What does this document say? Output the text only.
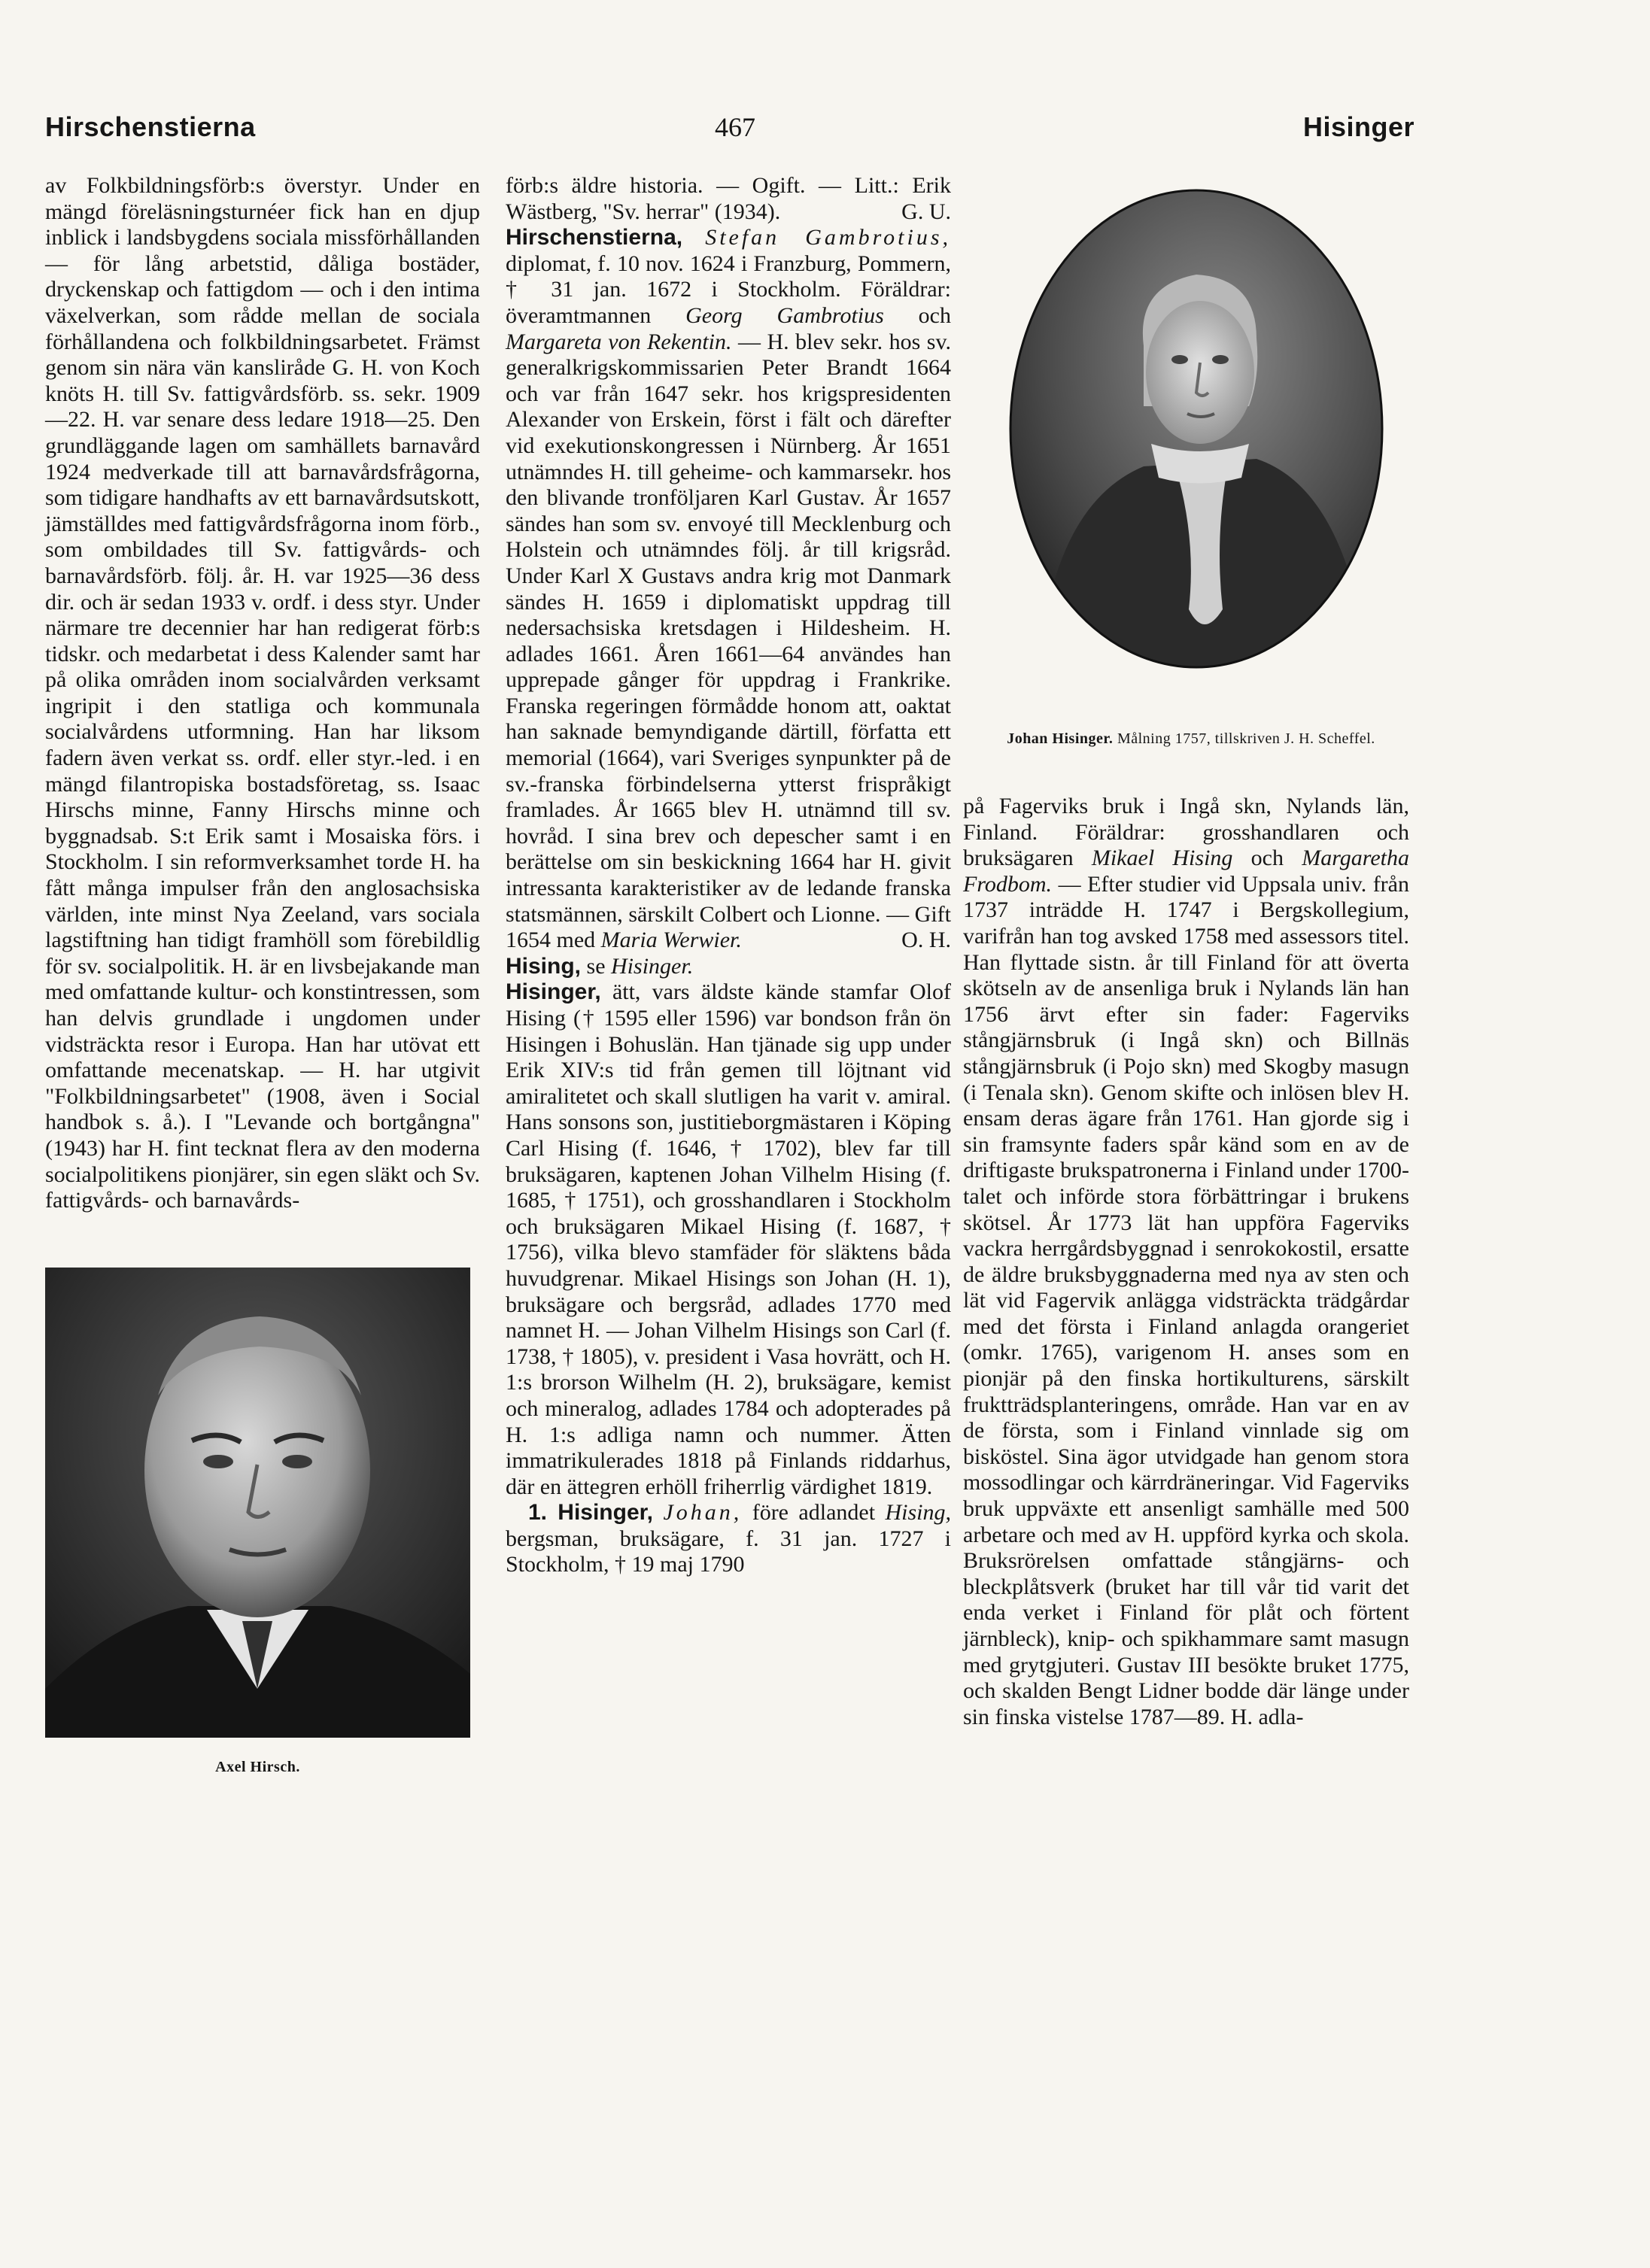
Hirschenstierna	467	Hisinger

av Folkbildningsförb:s överstyr. Under en mängd föreläsningsturnéer fick han en djup inblick i landsbygdens sociala missförhållanden — för lång arbetstid, dåliga bostäder, dryckenskap och fattigdom — och i den intima växelverkan, som rådde mellan de sociala förhållandena och folkbildningsarbetet. Främst genom sin nära vän kansliråde G. H. von Koch knöts H. till Sv. fattigvårdsförb. ss. sekr. 1909 —22. H. var senare dess ledare 1918—25. Den grundläggande lagen om samhällets barnavård 1924 medverkade till att barnavårdsfrågorna, som tidigare handhafts av ett barnavårdsutskott, jämställdes med fattigvårdsfrågorna inom förb., som ombildades till Sv. fattigvårds- och barnavårdsförb. följ. år. H. var 1925—36 dess dir. och är sedan 1933 v. ordf. i dess styr. Under närmare tre decennier har han redigerat förb:s tidskr. och medarbetat i dess Kalender samt har på olika områden inom socialvården verksamt ingripit i den statliga och kommunala socialvårdens utformning. Han har liksom fadern även verkat ss. ordf. eller styr.-led. i en mängd filantropiska bostadsföretag, ss. Isaac Hirschs minne, Fanny Hirschs minne och byggnadsab. S:t Erik samt i Mosaiska förs. i Stockholm. I sin reformverksamhet torde H. ha fått många impulser från den anglosachsiska världen, inte minst Nya Zeeland, vars sociala lagstiftning han tidigt framhöll som förebildlig för sv. socialpolitik. H. är en livsbejakande man med omfattande kultur- och konstintressen, som han delvis grundlade i ungdomen under vidsträckta resor i Europa. Han har utövat ett omfattande mecenatskap. — H. har utgivit "Folkbildningsarbetet" (1908, även i Social handbok s. å.). I "Levande och bortgångna" (1943) har H. fint tecknat flera av den moderna socialpolitikens pionjärer, sin egen släkt och Sv. fattigvårds- och barnavårds-

Axel Hirsch.

förb:s äldre historia. — Ogift. — Litt.: Erik Wästberg, "Sv. herrar" (1934).	G. U.

Hirschenstierna, Stefan Gambrotius, diplomat, f. 10 nov. 1624 i Franzburg, Pommern, † 31 jan. 1672 i Stockholm. Föräldrar: överamtmannen Georg Gambrotius och Margareta von Rekentin. — H. blev sekr. hos sv. generalkrigskommissarien Peter Brandt 1664 och var från 1647 sekr. hos krigspresidenten Alexander von Erskein, först i fält och därefter vid exekutionskongressen i Nürnberg. År 1651 utnämndes H. till geheime- och kammarsekr. hos den blivande tronföljaren Karl Gustav. År 1657 sändes han som sv. envoyé till Mecklenburg och Holstein och utnämndes följ. år till krigsråd. Under Karl X Gustavs andra krig mot Danmark sändes H. 1659 i diplomatiskt uppdrag till nedersachsiska kretsdagen i Hildesheim. H. adlades 1661. Åren 1661—64 användes han upprepade gånger för uppdrag i Frankrike. Franska regeringen förmådde honom att, oaktat han saknade bemyndigande därtill, författa ett memorial (1664), vari Sveriges synpunkter på de sv.-franska förbindelserna ytterst frispråkigt framlades. År 1665 blev H. utnämnd till sv. hovråd. I sina brev och depescher samt i en berättelse om sin beskickning 1664 har H. givit intressanta karakteristiker av de ledande franska statsmännen, särskilt Colbert och Lionne. — Gift 1654 med Maria Werwier.	O. H.

Hising, se Hisinger.

Hisinger, ätt, vars äldste kände stamfar Olof Hising († 1595 eller 1596) var bondson från ön Hisingen i Bohuslän. Han tjänade sig upp under Erik XIV:s tid från gemen till löjtnant vid amiralitetet och skall slutligen ha varit v. amiral. Hans sonsons son, justitieborgmästaren i Köping Carl Hising (f. 1646, † 1702), blev far till bruksägaren, kaptenen Johan Vilhelm Hising (f. 1685, † 1751), och grosshandlaren i Stockholm och bruksägaren Mikael Hising (f. 1687, † 1756), vilka blevo stamfäder för släktens båda huvudgrenar. Mikael Hisings son Johan (H. 1), bruksägare och bergsråd, adlades 1770 med namnet H. — Johan Vilhelm Hisings son Carl (f. 1738, † 1805), v. president i Vasa hovrätt, och H. 1:s brorson Wilhelm (H. 2), bruksägare, kemist och mineralog, adlades 1784 och adopterades på H. 1:s adliga namn och nummer. Ätten immatrikulerades 1818 på Finlands riddarhus, där en ättegren erhöll friherrlig värdighet 1819.

 1. Hisinger, Johan, före adlandet Hising, bergsman, bruksägare, f. 31 jan. 1727 i Stockholm, † 19 maj 1790

Johan Hisinger. Målning 1757, tillskriven J. H. Scheffel.

på Fagerviks bruk i Ingå skn, Nylands län, Finland. Föräldrar: grosshandlaren och bruksägaren Mikael Hising och Margaretha Frodbom. — Efter studier vid Uppsala univ. från 1737 inträdde H. 1747 i Bergskollegium, varifrån han tog avsked 1758 med assessors titel. Han flyttade sistn. år till Finland för att överta skötseln av de ansenliga bruk i Nylands län han 1756 ärvt efter sin fader: Fagerviks stångjärnsbruk (i Ingå skn) och Billnäs stångjärnsbruk (i Pojo skn) med Skogby masugn (i Tenala skn). Genom skifte och inlösen blev H. ensam deras ägare från 1761. Han gjorde sig i sin framsynte faders spår känd som en av de driftigaste brukspatronerna i Finland under 1700-talet och införde stora förbättringar i brukens skötsel. År 1773 lät han uppföra Fagerviks vackra herrgårdsbyggnad i senrokokostil, ersatte de äldre bruksbyggnaderna med nya av sten och lät vid Fagervik anlägga vidsträckta trädgårdar med det första i Finland anlagda orangeriet (omkr. 1765), varigenom H. anses som en pionjär på den finska hortikulturens, särskilt fruktträdsplanteringens, område. Han var en av de första, som i Finland vinnlade sig om bisköstel. Sina ägor utvidgade han genom stora mossodlingar och kärrdräneringar. Vid Fagerviks bruk uppväxte ett ansenligt samhälle med 500 arbetare och med av H. uppförd kyrka och skola. Bruksrörelsen omfattade stångjärns- och bleckplåtsverk (bruket har till vår tid varit det enda verket i Finland för plåt och förtent järnbleck), knip- och spikhammare samt masugn med grytgjuteri. Gustav III besökte bruket 1775, och skalden Bengt Lidner bodde där länge under sin finska vistelse 1787—89. H. adla-
